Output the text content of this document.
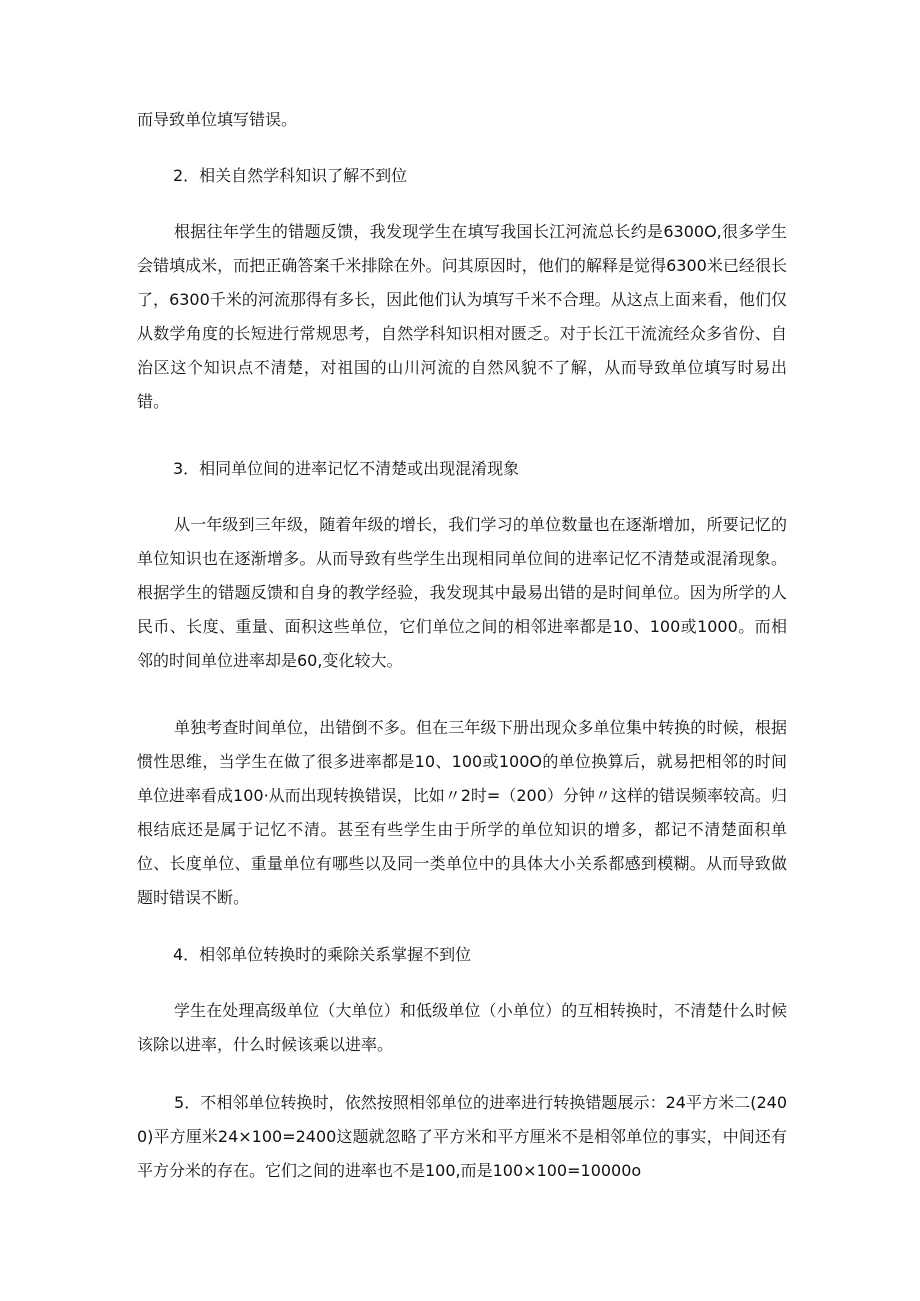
而导致单位填写错误。

2．相关自然学科知识了解不到位

根据往年学生的错题反馈，我发现学生在填写我国长江河流总长约是6300O,很多学生会错填成米，而把正确答案千米排除在外。问其原因时，他们的解释是觉得6300米已经很长了，6300千米的河流那得有多长，因此他们认为填写千米不合理。从这点上面来看，他们仅从数学角度的长短进行常规思考，自然学科知识相对匮乏。对于长江干流流经众多省份、自治区这个知识点不清楚，对祖国的山川河流的自然风貌不了解，从而导致单位填写时易出错。

3．相同单位间的进率记忆不清楚或出现混淆现象

从一年级到三年级，随着年级的增长，我们学习的单位数量也在逐渐增加，所要记忆的单位知识也在逐渐增多。从而导致有些学生出现相同单位间的进率记忆不清楚或混淆现象。根据学生的错题反馈和自身的教学经验，我发现其中最易出错的是时间单位。因为所学的人民币、长度、重量、面积这些单位，它们单位之间的相邻进率都是10、100或1000。而相邻的时间单位进率却是60,变化较大。

单独考查时间单位，出错倒不多。但在三年级下册出现众多单位集中转换的时候，根据惯性思维，当学生在做了很多进率都是10、100或100O的单位换算后，就易把相邻的时间单位进率看成100·从而出现转换错误，比如〃2时=（200）分钟〃这样的错误频率较高。归根结底还是属于记忆不清。甚至有些学生由于所学的单位知识的增多，都记不清楚面积单位、长度单位、重量单位有哪些以及同一类单位中的具体大小关系都感到模糊。从而导致做题时错误不断。

4．相邻单位转换时的乘除关系掌握不到位

学生在处理高级单位（大单位）和低级单位（小单位）的互相转换时，不清楚什么时候该除以进率，什么时候该乘以进率。

5．不相邻单位转换时，依然按照相邻单位的进率进行转换错题展示：24平方米二(2400)平方厘米24×100=2400这题就忽略了平方米和平方厘米不是相邻单位的事实，中间还有平方分米的存在。它们之间的进率也不是100,而是100×100=10000o
